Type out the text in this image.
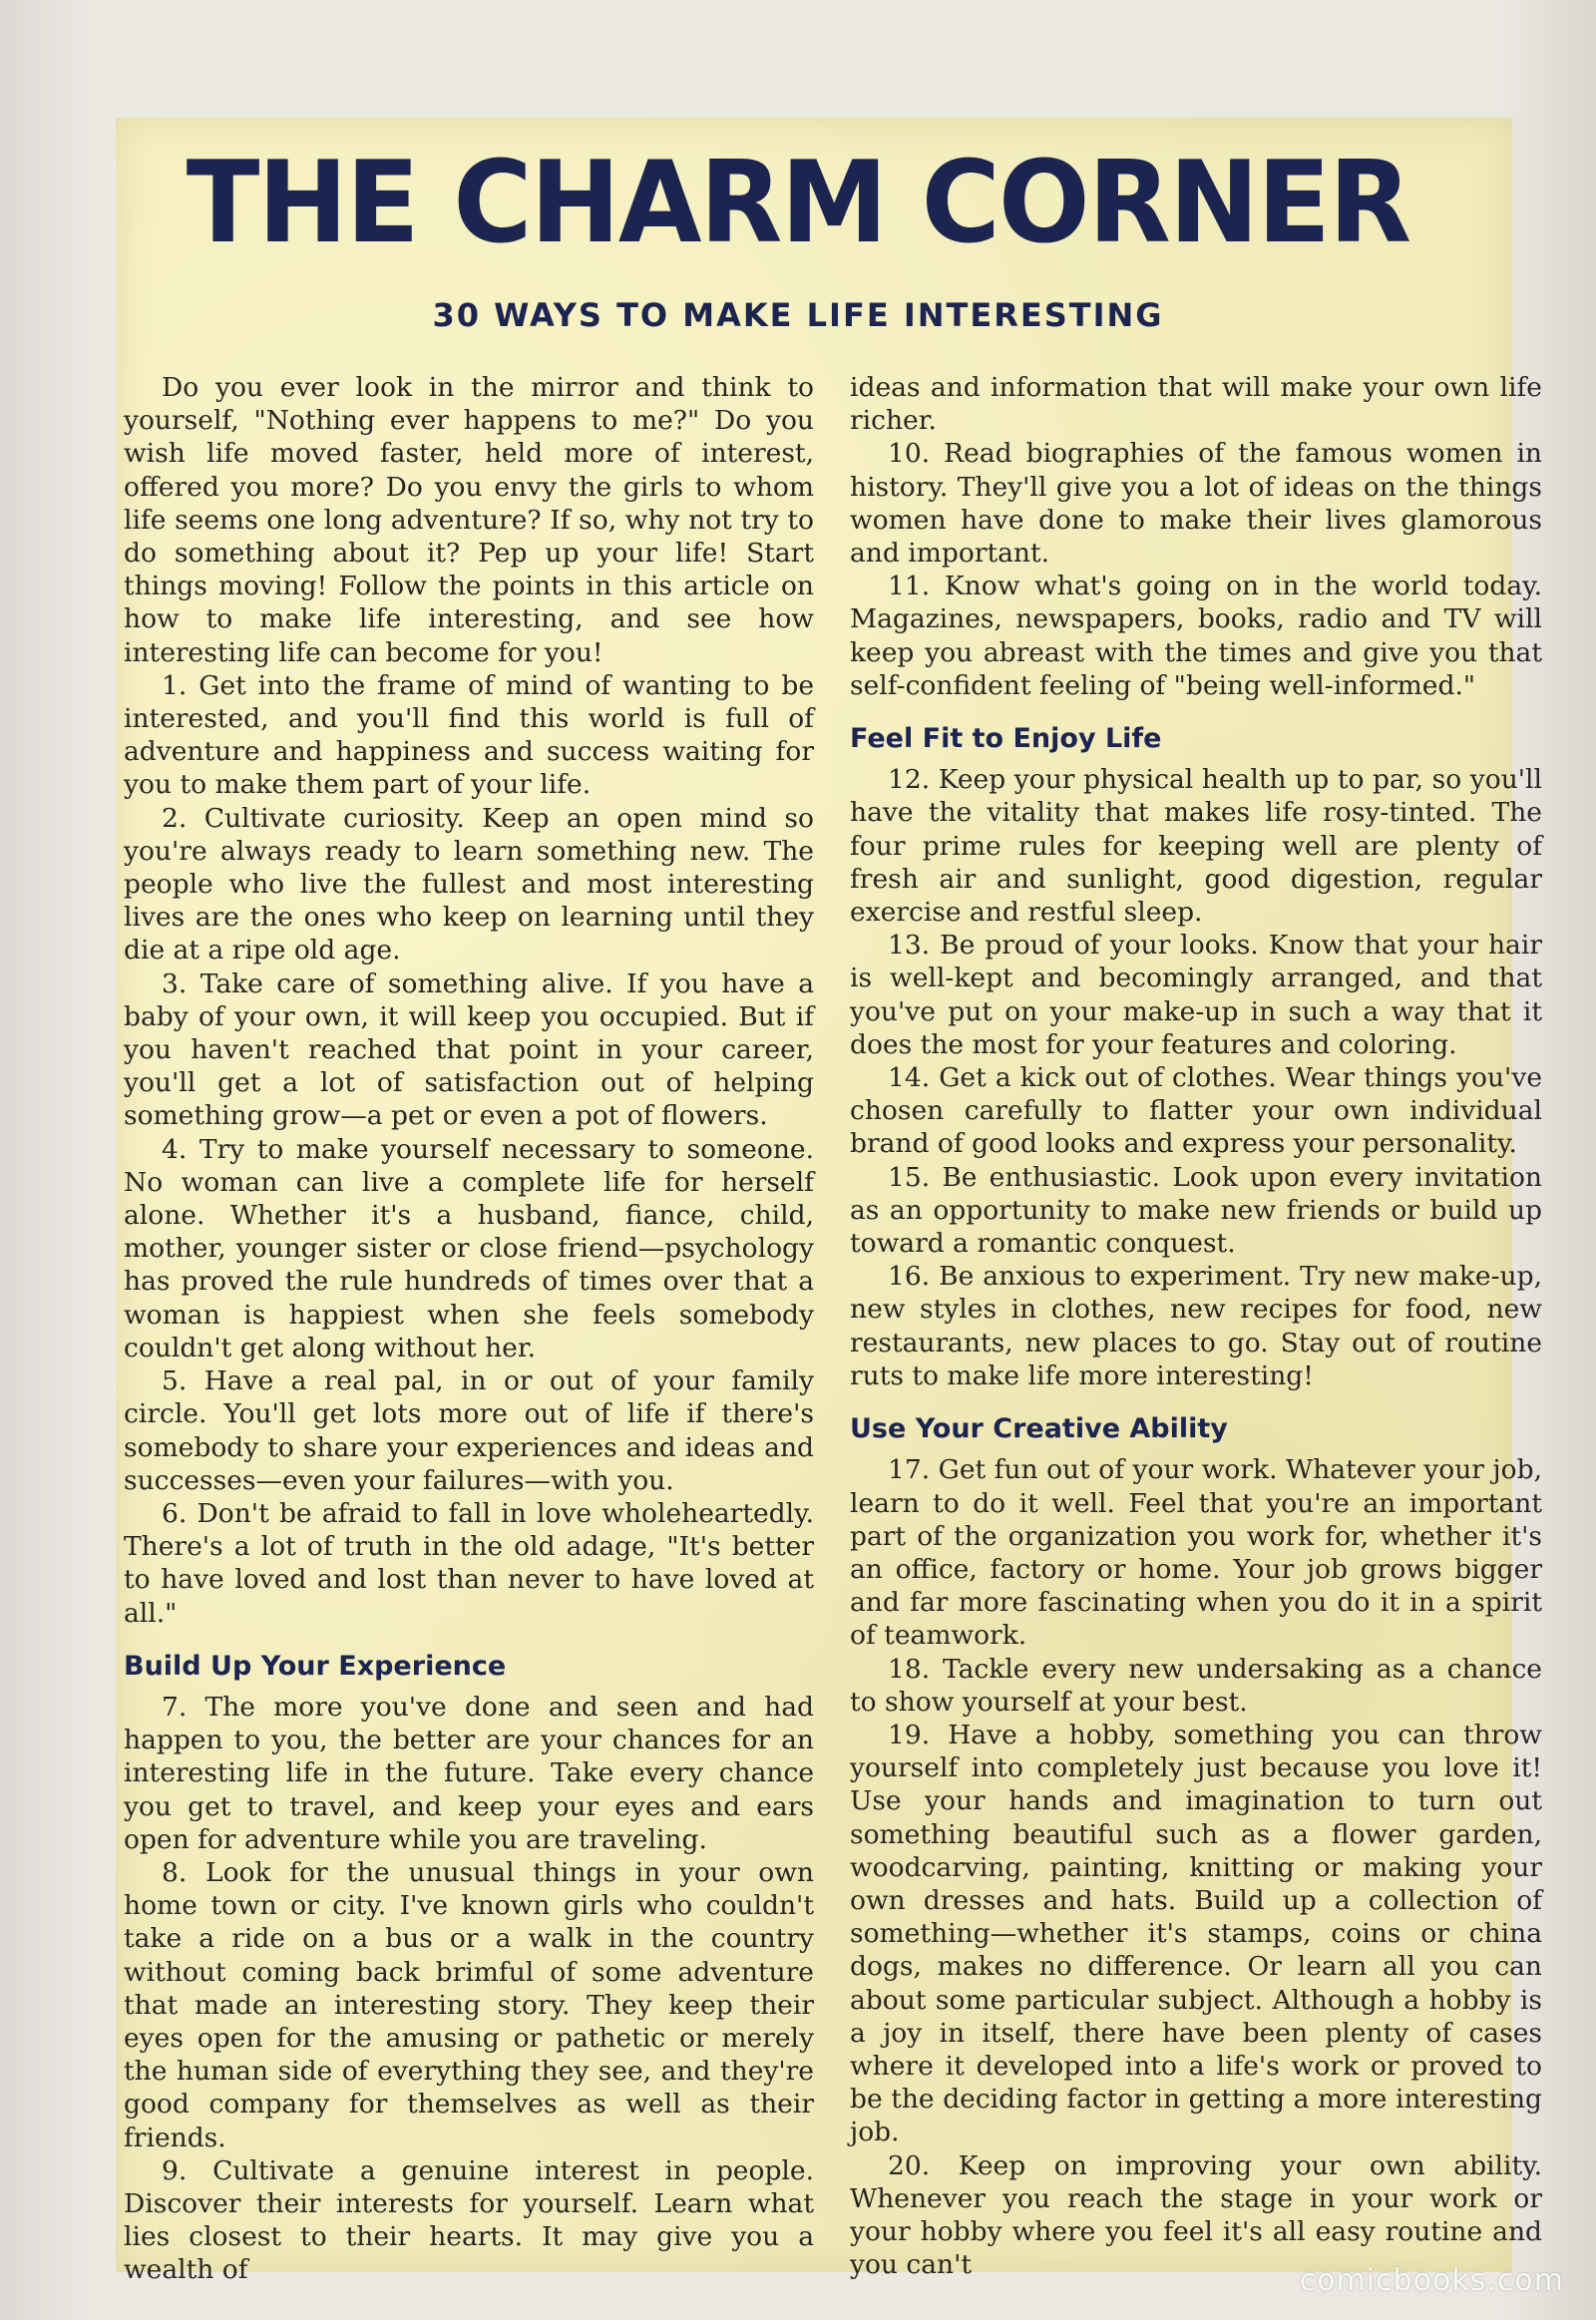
THE CHARM CORNER
30 WAYS TO MAKE LIFE INTERESTING

Do you ever look in the mirror and think to yourself, "Nothing ever happens to me?" Do you wish life moved faster, held more of interest, offered you more? Do you envy the girls to whom life seems one long adventure? If so, why not try to do something about it? Pep up your life! Start things moving! Follow the points in this article on how to make life interesting, and see how interesting life can become for you!

1. Get into the frame of mind of wanting to be interested, and you'll find this world is full of adventure and happiness and success waiting for you to make them part of your life.

2. Cultivate curiosity. Keep an open mind so you're always ready to learn something new. The people who live the fullest and most interesting lives are the ones who keep on learning until they die at a ripe old age.

3. Take care of something alive. If you have a baby of your own, it will keep you occupied. But if you haven't reached that point in your career, you'll get a lot of satisfaction out of helping something grow—a pet or even a pot of flowers.

4. Try to make yourself necessary to someone. No woman can live a complete life for herself alone. Whether it's a husband, fiance, child, mother, younger sister or close friend—psychology has proved the rule hundreds of times over that a woman is happiest when she feels somebody couldn't get along without her.

5. Have a real pal, in or out of your family circle. You'll get lots more out of life if there's somebody to share your experiences and ideas and successes—even your failures—with you.

6. Don't be afraid to fall in love wholeheartedly. There's a lot of truth in the old adage, "It's better to have loved and lost than never to have loved at all."

Build Up Your Experience

7. The more you've done and seen and had happen to you, the better are your chances for an interesting life in the future. Take every chance you get to travel, and keep your eyes and ears open for adventure while you are traveling.

8. Look for the unusual things in your own home town or city. I've known girls who couldn't take a ride on a bus or a walk in the country without coming back brimful of some adventure that made an interesting story. They keep their eyes open for the amusing or pathetic or merely the human side of everything they see, and they're good company for themselves as well as their friends.

9. Cultivate a genuine interest in people. Discover their interests for yourself. Learn what lies closest to their hearts. It may give you a wealth of

ideas and information that will make your own life richer.

10. Read biographies of the famous women in history. They'll give you a lot of ideas on the things women have done to make their lives glamorous and important.

11. Know what's going on in the world today. Magazines, newspapers, books, radio and TV will keep you abreast with the times and give you that self-confident feeling of "being well-informed."

Feel Fit to Enjoy Life

12. Keep your physical health up to par, so you'll have the vitality that makes life rosy-tinted. The four prime rules for keeping well are plenty of fresh air and sunlight, good digestion, regular exercise and restful sleep.

13. Be proud of your looks. Know that your hair is well-kept and becomingly arranged, and that you've put on your make-up in such a way that it does the most for your features and coloring.

14. Get a kick out of clothes. Wear things you've chosen carefully to flatter your own individual brand of good looks and express your personality.

15. Be enthusiastic. Look upon every invitation as an opportunity to make new friends or build up toward a romantic conquest.

16. Be anxious to experiment. Try new make-up, new styles in clothes, new recipes for food, new restaurants, new places to go. Stay out of routine ruts to make life more interesting!

Use Your Creative Ability

17. Get fun out of your work. Whatever your job, learn to do it well. Feel that you're an important part of the organization you work for, whether it's an office, factory or home. Your job grows bigger and far more fascinating when you do it in a spirit of teamwork.

18. Tackle every new undersaking as a chance to show yourself at your best.

19. Have a hobby, something you can throw yourself into completely just because you love it! Use your hands and imagination to turn out something beautiful such as a flower garden, woodcarving, painting, knitting or making your own dresses and hats. Build up a collection of something—whether it's stamps, coins or china dogs, makes no difference. Or learn all you can about some particular subject. Although a hobby is a joy in itself, there have been plenty of cases where it developed into a life's work or proved to be the deciding factor in getting a more interesting job.

20. Keep on improving your own ability. Whenever you reach the stage in your work or your hobby where you feel it's all easy routine and you can't	comicbooks.com
